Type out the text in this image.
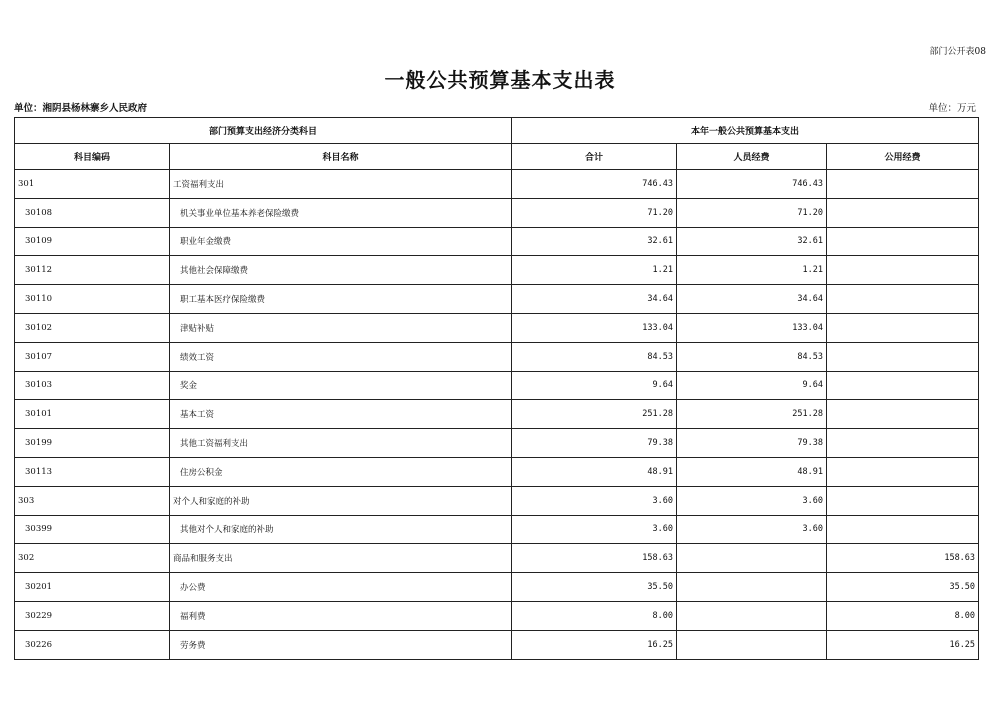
部门公开表08
一般公共预算基本支出表
单位：湘阴县杨林寨乡人民政府	单位：万元
部门预算支出经济分类科目		本年一般公共预算基本支出		
科目编码	科目名称	合计	人员经费	公用经费
301	工资福利支出	746.43	746.43	
30108	机关事业单位基本养老保险缴费	71.20	71.20	
30109	职业年金缴费	32.61	32.61	
30112	其他社会保障缴费	1.21	1.21	
30110	职工基本医疗保险缴费	34.64	34.64	
30102	津贴补贴	133.04	133.04	
30107	绩效工资	84.53	84.53	
30103	奖金	9.64	9.64	
30101	基本工资	251.28	251.28	
30199	其他工资福利支出	79.38	79.38	
30113	住房公积金	48.91	48.91	
303	对个人和家庭的补助	3.60	3.60	
30399	其他对个人和家庭的补助	3.60	3.60	
302	商品和服务支出	158.63		158.63
30201	办公费	35.50		35.50
30229	福利费	8.00		8.00
30226	劳务费	16.25		16.25
